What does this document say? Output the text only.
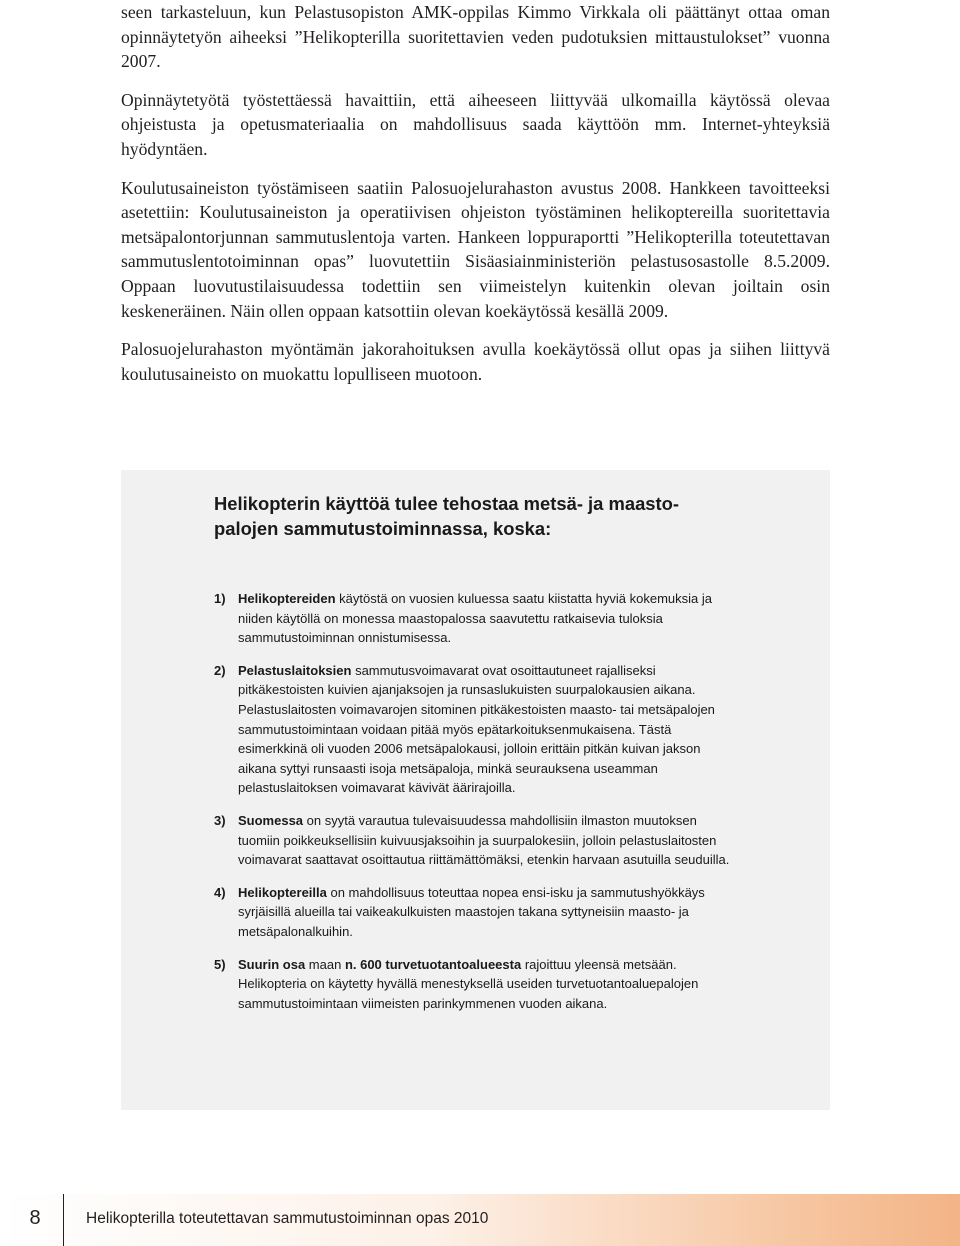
seen tarkasteluun, kun Pelastusopiston AMK-oppilas Kimmo Virkkala oli päättänyt ottaa oman opinnäytetyön aiheeksi ”Helikopterilla suoritettavien veden pudotuksien mittaustulokset” vuonna 2007.

Opinnäytetyötä työstettäessä havaittiin, että aiheeseen liittyvää ulkomailla käytössä olevaa ohjeistusta ja opetusmateriaalia on mahdollisuus saada käyttöön mm. Internet-yhteyksiä hyödyntäen.

Koulutusaineiston työstämiseen saatiin Palosuojelurahaston avustus 2008. Hankkeen tavoitteeksi asetettiin: Koulutusaineiston ja operatiivisen ohjeiston työstäminen helikoptereilla suoritettavia metsäpalontorjunnan sammutuslentoja varten. Hankeen loppuraportti ”Helikopterilla toteutettavan sammutuslentotoiminnan opas” luovutettiin Sisäasiainministeriön pelastusosastolle 8.5.2009. Oppaan luovutustilaisuudessa todettiin sen viimeistelyn kuitenkin olevan joiltain osin keskeneräinen. Näin ollen oppaan katsottiin olevan koekäytössä kesällä 2009.

Palosuojelurahaston myöntämän jakorahoituksen avulla koekäytössä ollut opas ja siihen liittyvä koulutusaineisto on muokattu lopulliseen muotoon.

Helikopterin käyttöä tulee tehostaa metsä- ja maasto-
palojen sammutustoiminnassa, koska:
1) Helikoptereiden käytöstä on vuosien kuluessa saatu kiistatta hyviä kokemuksia ja niiden käytöllä on monessa maastopalossa saavutettu ratkaisevia tuloksia sammutustoiminnan onnistumisessa.
2) Pelastuslaitoksien sammutusvoimavarat ovat osoittautuneet rajalliseksi pitkäkestoisten kuivien ajanjaksojen ja runsaslukuisten suurpalokausien aikana. Pelastuslaitosten voimavarojen sitominen pitkäkestoisten maasto- tai metsäpalojen sammutustoimintaan voidaan pitää myös epätarkoituksenmukaisena. Tästä esimerkkinä oli vuoden 2006 metsäpalokausi, jolloin erittäin pitkän kuivan jakson aikana syttyi runsaasti isoja metsäpaloja, minkä seurauksena useamman pelastuslaitoksen voimavarat kävivät äärirajoilla.
3) Suomessa on syytä varautua tulevaisuudessa mahdollisiin ilmaston muutoksen tuomiin poikkeuksellisiin kuivuusjaksoihin ja suurpalokesiin, jolloin pelastuslaitosten voimavarat saattavat osoittautua riittämättömäksi, etenkin harvaan asutuilla seuduilla.
4) Helikoptereilla on mahdollisuus toteuttaa nopea ensi-isku ja sammutushyökkäys syrjäisillä alueilla tai vaikeakulkuisten maastojen takana syttyneisiin maasto- ja metsäpalonalkuihin.
5) Suurin osa maan n. 600 turvetuotantoalueesta rajoittuu yleensä metsään. Helikopteria on käytetty hyvällä menestyksellä useiden turvetuotantoaluepalojen sammutustoimintaan viimeisten parinkymmenen vuoden aikana.
8	Helikopterilla toteutettavan sammutustoiminnan opas 2010
